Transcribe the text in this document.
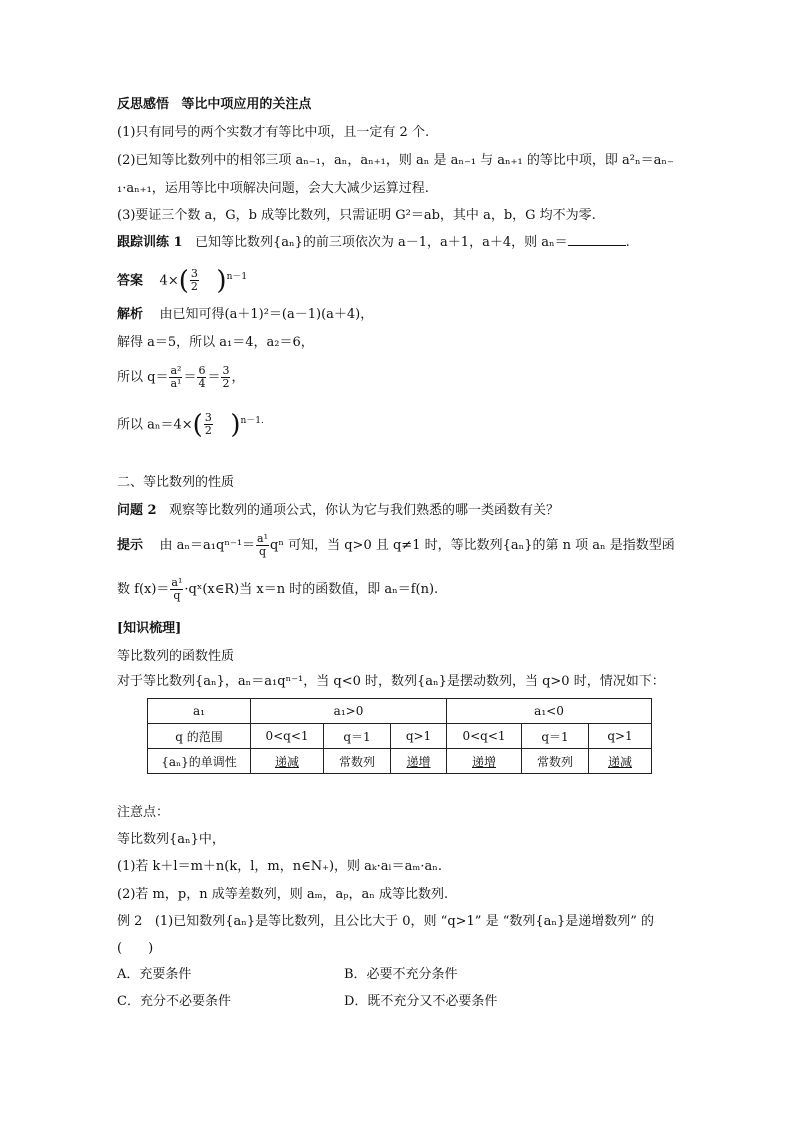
反思感悟 等比中项应用的关注点
(1)只有同号的两个实数才有等比中项，且一定有 2 个.
(2)已知等比数列中的相邻三项 aₙ₋₁，aₙ，aₙ₊₁，则 aₙ 是 aₙ₋₁ 与 aₙ₊₁ 的等比中项，即 a²ₙ＝aₙ₋
₁·aₙ₊₁，运用等比中项解决问题，会大大减少运算过程.
(3)要证三个数 a，G，b 成等比数列，只需证明 G²＝ab，其中 a，b，G 均不为零.
跟踪训练 1 已知等比数列{aₙ}的前三项依次为 a－1，a＋1，a＋4，则 aₙ＝	.
答案 $4\times( \frac{3}{2} )^{n-1}$
解析 由已知可得(a＋1)²＝(a－1)(a＋4)，
解得 a＝5，所以 a₁＝4，a₂＝6，
所以 $q= \frac{\text{a²}}{\text{a¹}} = \frac{6}{4} = \frac{3}{2}$ ，
所以 $a_n=4\times( \frac{3}{2} )^{n-1.}$
二、等比数列的性质
问题 2 观察等比数列的通项公式，你认为它与我们熟悉的哪一类函数有关？
提示 由 $a_n=a_1q^{n-1}= \frac{\text{a¹}}{q}$ qⁿ 可知，当 q>0 且 q≠1 时，等比数列{aₙ}的第 n 项 aₙ 是指数型函
数 $f(x)= \frac{\text{a¹}}{q}$ ·qˣ(x∈R)当 x＝n 时的函数值，即 aₙ＝f(n).
[知识梳理]
等比数列的函数性质
对于等比数列{aₙ}，aₙ＝a₁qⁿ⁻¹，当 q<0 时，数列{aₙ}是摆动数列，当 q>0 时，情况如下：
a₁	a₁>0			a₁<0		
q 的范围	0<q<1	q＝1	q>1	0<q<1	q＝1	q>1
{aₙ}的单调性	递减	常数列	递增	递增	常数列	递减
注意点：
等比数列{aₙ}中，
(1)若 k＋l＝m＋n(k，l，m，n∈N₊)，则 aₖ·aₗ＝aₘ·aₙ.
(2)若 m，p，n 成等差数列，则 aₘ，aₚ，aₙ 成等比数列.
例 2 (1)已知数列{aₙ}是等比数列，且公比大于 0，则 “q>1” 是 “数列{aₙ}是递增数列” 的
(　　)
A．充要条件	B．必要不充分条件
C．充分不必要条件	D．既不充分又不必要条件
